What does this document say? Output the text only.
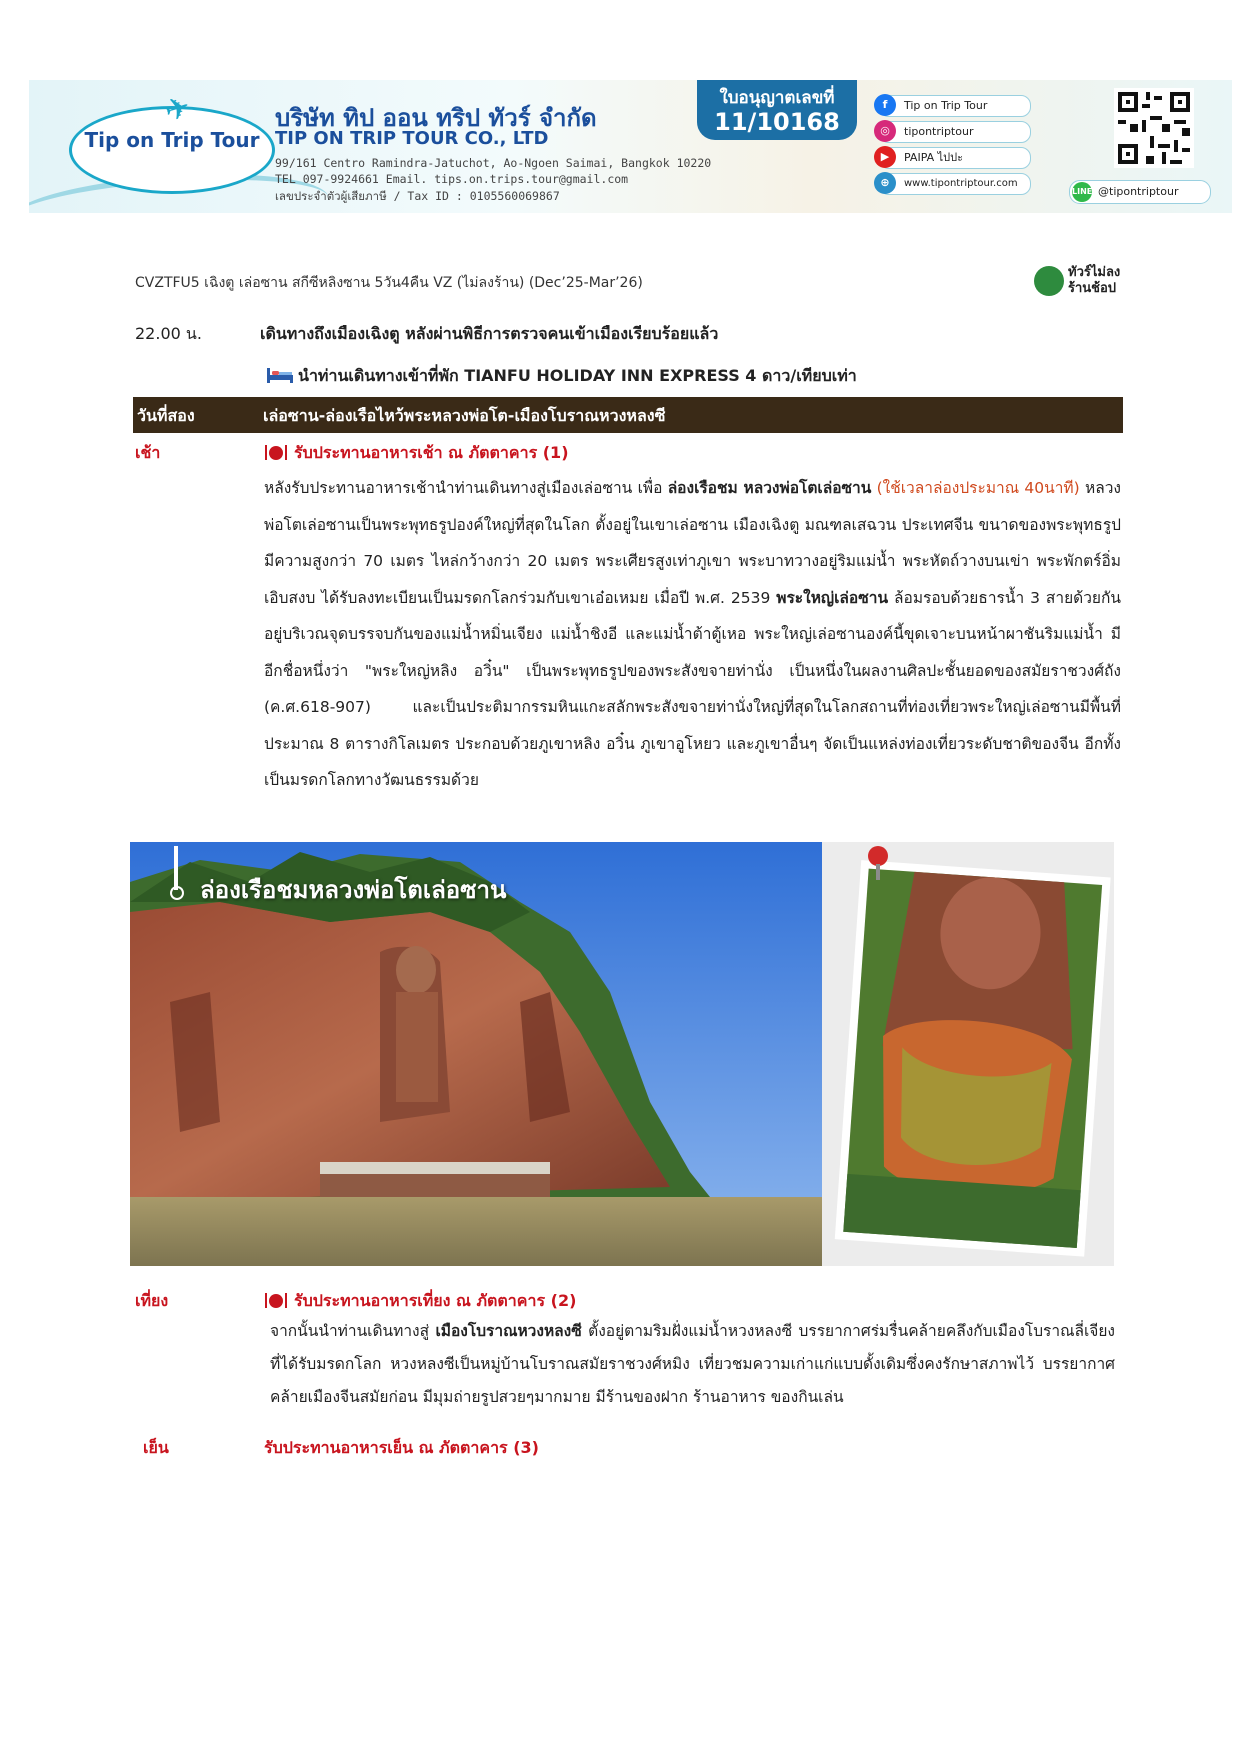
✈
Tip on Trip Tour
บริษัท ทิป ออน ทริป ทัวร์ จำกัด
TIP ON TRIP TOUR CO., LTD
99/161 Centro Ramindra-Jatuchot, Ao-Ngoen Saimai, Bangkok 10220
TEL 097-9924661 Email. tips.on.trips.tour@gmail.com
เลขประจำตัวผู้เสียภาษี / Tax ID : 0105560069867
ใบอนุญาตเลขที่
11/10168
f	Tip on Trip Tour
◎	tipontriptour
▶	PAIPA ไปปะ
⊕	www.tipontriptour.com
LINE @tipontriptour
CVZTFU5 เฉิงตู เล่อซาน สกีซีหลิงซาน 5วัน4คืน VZ (ไม่ลงร้าน) (Dec’25-Mar’26)
ทัวร์ไม่ลงร้านช้อป
22.00 น.	เดินทางถึงเมืองเฉิงตู หลังผ่านพิธีการตรวจคนเข้าเมืองเรียบร้อยแล้ว
นำท่านเดินทางเข้าที่พัก TIANFU HOLIDAY INN EXPRESS 4 ดาว/เทียบเท่า
วันที่สอง	เล่อซาน-ล่องเรือไหว้พระหลวงพ่อโต-เมืองโบราณหวงหลงซี
เช้า	รับประทานอาหารเช้า ณ ภัตตาคาร (1)
หลังรับประทานอาหารเช้านำท่านเดินทางสู่เมืองเล่อซาน เพื่อ ล่องเรือชม หลวงพ่อโตเล่อซาน (ใช้เวลาล่องประมาณ 40นาที) หลวงพ่อโตเล่อซานเป็นพระพุทธรูปองค์ใหญ่ที่สุดในโลก ตั้งอยู่ในเขาเล่อซาน เมืองเฉิงตู มณฑลเสฉวน ประเทศจีน ขนาดของพระพุทธรูป มีความสูงกว่า 70 เมตร ไหล่กว้างกว่า 20 เมตร พระเศียรสูงเท่าภูเขา พระบาทวางอยู่ริมแม่น้ำ พระหัตถ์วางบนเข่า พระพักตร์อิ่มเอิบสงบ ได้รับลงทะเบียนเป็นมรดกโลกร่วมกับเขาเอ๋อเหมย เมื่อปี พ.ศ. 2539 พระใหญ่เล่อซาน ล้อมรอบด้วยธารน้ำ 3 สายด้วยกัน อยู่บริเวณจุดบรรจบกันของแม่น้ำหมิ่นเจียง แม่น้ำชิงอี และแม่น้ำต้าตู้เหอ พระใหญ่เล่อซานองค์นี้ขุดเจาะบนหน้าผาชันริมแม่น้ำ มีอีกชื่อหนึ่งว่า "พระใหญ่หลิง อวิ๋น" เป็นพระพุทธรูปของพระสังขจายท่านั่ง เป็นหนึ่งในผลงานศิลปะชั้นยอดของสมัยราชวงศ์ถัง (ค.ศ.618-907) และเป็นประติมากรรมหินแกะสลักพระสังขจายท่านั่งใหญ่ที่สุดในโลกสถานที่ท่องเที่ยวพระใหญ่เล่อซานมีพื้นที่ประมาณ 8 ตารางกิโลเมตร ประกอบด้วยภูเขาหลิง อวิ๋น ภูเขาอูโหยว และภูเขาอื่นๆ จัดเป็นแหล่งท่องเที่ยวระดับชาติของจีน อีกทั้งเป็นมรดกโลกทางวัฒนธรรมด้วย
ล่องเรือชมหลวงพ่อโตเล่อซาน
เที่ยง	รับประทานอาหารเที่ยง ณ ภัตตาคาร (2)
จากนั้นนำท่านเดินทางสู่ เมืองโบราณหวงหลงซี ตั้งอยู่ตามริมฝั่งแม่น้ำหวงหลงซี บรรยากาศร่มรื่นคล้ายคลึงกับเมืองโบราณลี่เจียงที่ได้รับมรดกโลก หวงหลงซีเป็นหมู่บ้านโบราณสมัยราชวงศ์หมิง เที่ยวชมความเก่าแก่แบบดั้งเดิมซึ่งคงรักษาสภาพไว้ บรรยากาศคล้ายเมืองจีนสมัยก่อน มีมุมถ่ายรูปสวยๆมากมาย มีร้านของฝาก ร้านอาหาร ของกินเล่น
เย็น	รับประทานอาหารเย็น ณ ภัตตาคาร (3)
